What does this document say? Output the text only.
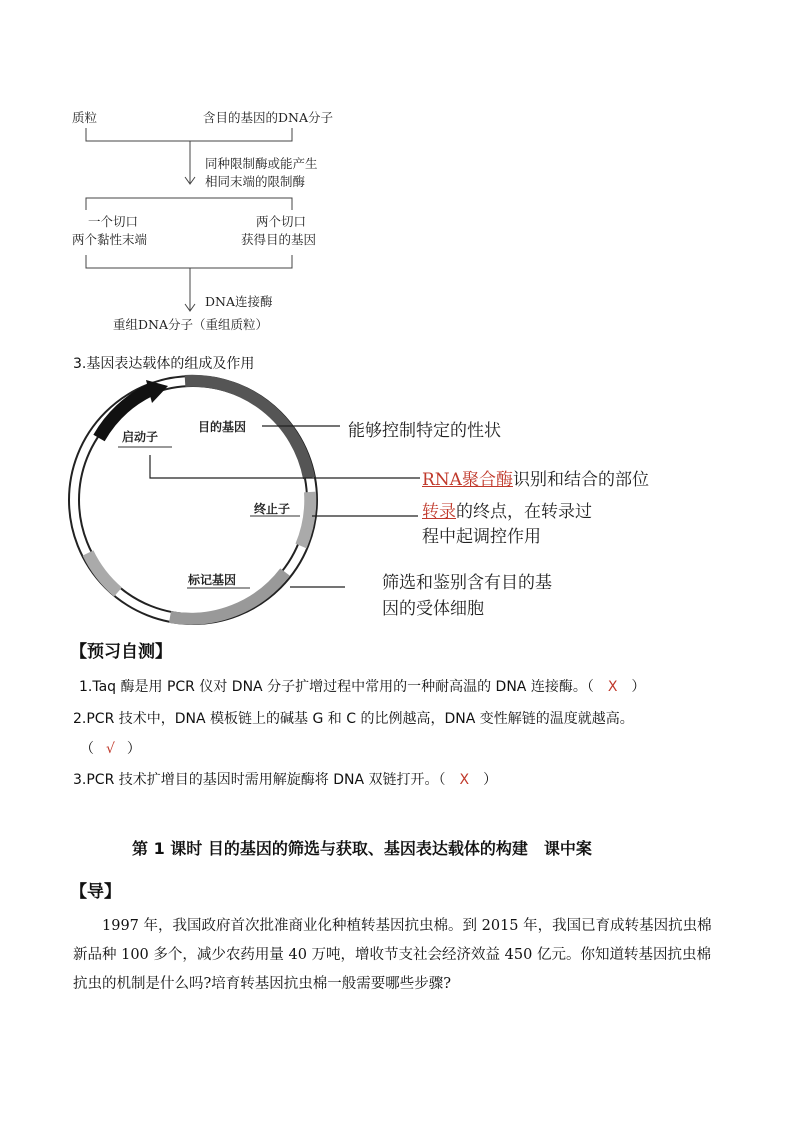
质粒	含目的基因的DNA分子
同种限制酶或能产生
相同末端的限制酶
一个切口
两个黏性末端
两个切口
获得目的基因
DNA连接酶
重组DNA分子（重组质粒）
3.基因表达载体的组成及作用
启动子
目的基因
终止子
标记基因
能够控制特定的性状
RNA聚合酶识别和结合的部位
转录的终点，在转录过
程中起调控作用
筛选和鉴别含有目的基
因的受体细胞
【预习自测】
1.Taq 酶是用 PCR 仪对 DNA 分子扩增过程中常用的一种耐高温的 DNA 连接酶。（ X ）
2.PCR 技术中，DNA 模板链上的碱基 G 和 C 的比例越高，DNA 变性解链的温度就越高。
（ √ ）
3.PCR 技术扩增目的基因时需用解旋酶将 DNA 双链打开。（ X ）
第 1 课时 目的基因的筛选与获取、基因表达载体的构建　课中案
【导】
1997 年，我国政府首次批准商业化种植转基因抗虫棉。到 2015 年，我国已育成转基因抗虫棉新品种 100 多个，减少农药用量 40 万吨，增收节支社会经济效益 450 亿元。你知道转基因抗虫棉抗虫的机制是什么吗?培育转基因抗虫棉一般需要哪些步骤?
